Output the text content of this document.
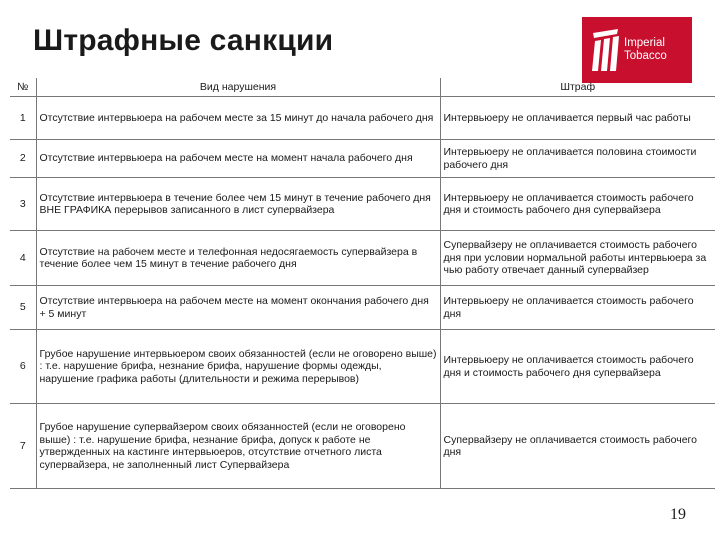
Штрафные санкции	Imperial
Tobacco
№	Вид нарушения	Штраф
1	Отсутствие интервьюера на рабочем месте за 15 минут до начала рабочего дня	Интервьюеру не оплачивается первый час работы
2	Отсутствие интервьюера на рабочем месте на момент начала рабочего дня	Интервьюеру не оплачивается половина стоимости рабочего дня
3	Отсутствие интервьюера в течение более чем 15 минут в течение рабочего дня ВНЕ ГРАФИКА перерывов записанного в лист супервайзера	Интервьюеру не оплачивается стоимость рабочего дня и стоимость рабочего дня супервайзера
4	Отсутствие на рабочем месте и телефонная недосягаемость супервайзера в течение более чем 15 минут в течение рабочего дня	Супервайзеру не оплачивается стоимость рабочего дня при условии нормальной работы интервьюера за чью работу отвечает данный супервайзер
5	Отсутствие интервьюера на рабочем месте на момент окончания рабочего дня + 5 минут	Интервьюеру не оплачивается стоимость рабочего дня
6	Грубое нарушение интервьюером своих обязанностей (если не оговорено выше) : т.е. нарушение брифа, незнание брифа, нарушение формы одежды, нарушение графика работы (длительности и режима перерывов)	Интервьюеру не оплачивается стоимость рабочего дня и стоимость рабочего дня супервайзера
7	Грубое нарушение супервайзером своих обязанностей (если не оговорено выше) : т.е. нарушение брифа, незнание брифа, допуск к работе не утвержденных на кастинге интервьюеров, отсутствие отчетного листа супервайзера, не заполненный лист Супервайзера	Супервайзеру не оплачивается стоимость рабочего дня
19
